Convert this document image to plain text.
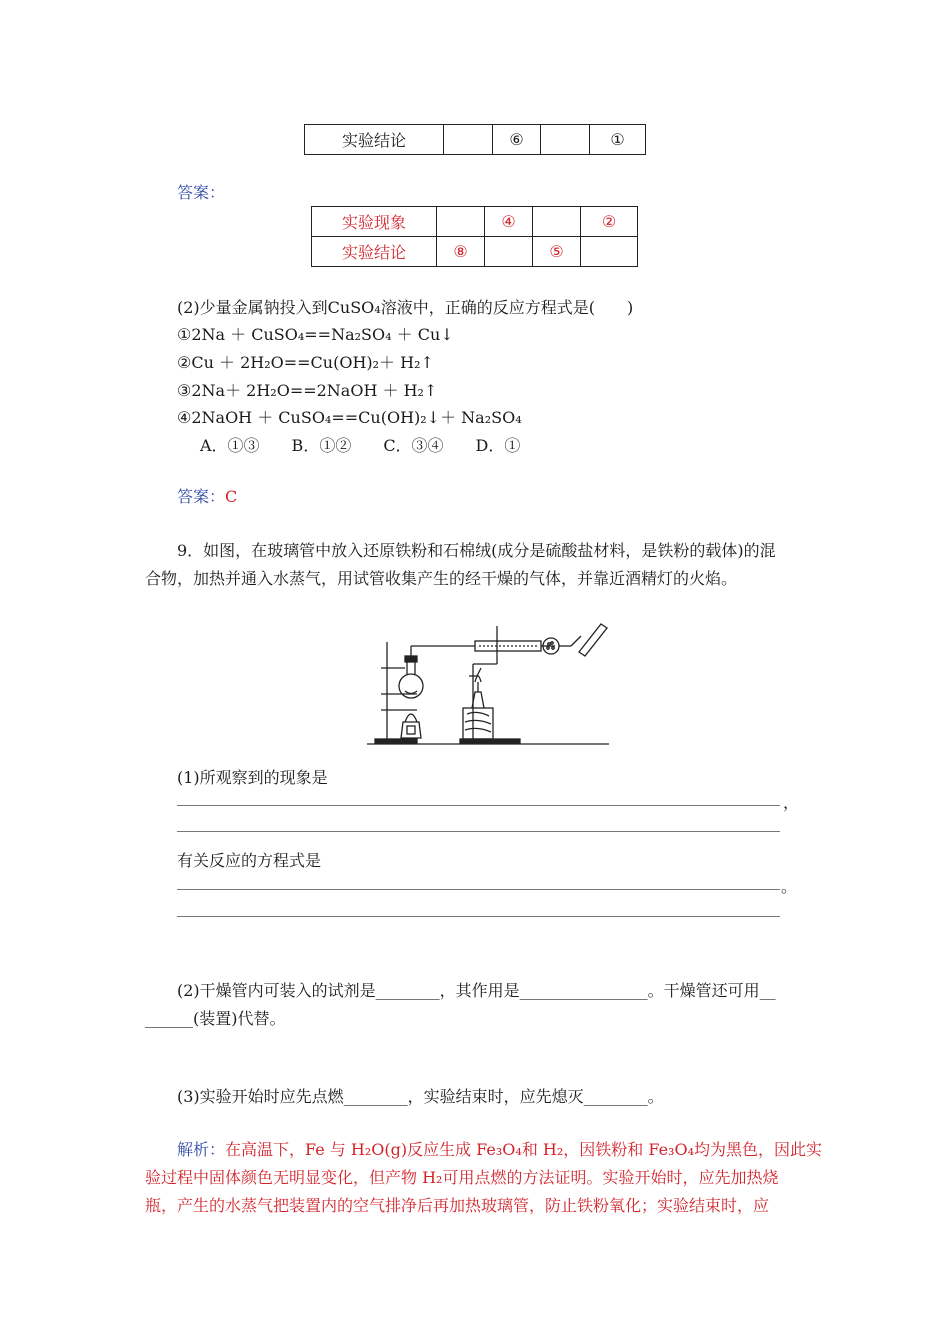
实验结论		⑥		①
答案：
实验现象		④		②
实验结论	⑧		⑤	
(2)少量金属钠投入到CuSO₄溶液中，正确的反应方程式是(　　)
①2Na ＋ CuSO₄==Na₂SO₄ ＋ Cu↓
②Cu ＋ 2H₂O==Cu(OH)₂＋ H₂↑
③2Na＋ 2H₂O==2NaOH ＋ H₂↑
④2NaOH ＋ CuSO₄==Cu(OH)₂↓＋ Na₂SO₄
A．①③　　B．①②　　C．③④　　D．①
答案：C
9．如图，在玻璃管中放入还原铁粉和石棉绒(成分是硫酸盐材料，是铁粉的载体)的混
合物，加热并通入水蒸气，用试管收集产生的经干燥的气体，并靠近酒精灯的火焰。
(1)所观察到的现象是
，
有关反应的方程式是
。
(2)干燥管内可装入的试剂是________，其作用是________________。干燥管还可用__
______(装置)代替。
(3)实验开始时应先点燃________，实验结束时，应先熄灭________。
解析：在高温下，Fe 与 H₂O(g)反应生成 Fe₃O₄和 H₂，因铁粉和 Fe₃O₄均为黑色，因此实
验过程中固体颜色无明显变化，但产物 H₂可用点燃的方法证明。实验开始时，应先加热烧
瓶，产生的水蒸气把装置内的空气排净后再加热玻璃管，防止铁粉氧化；实验结束时，应
